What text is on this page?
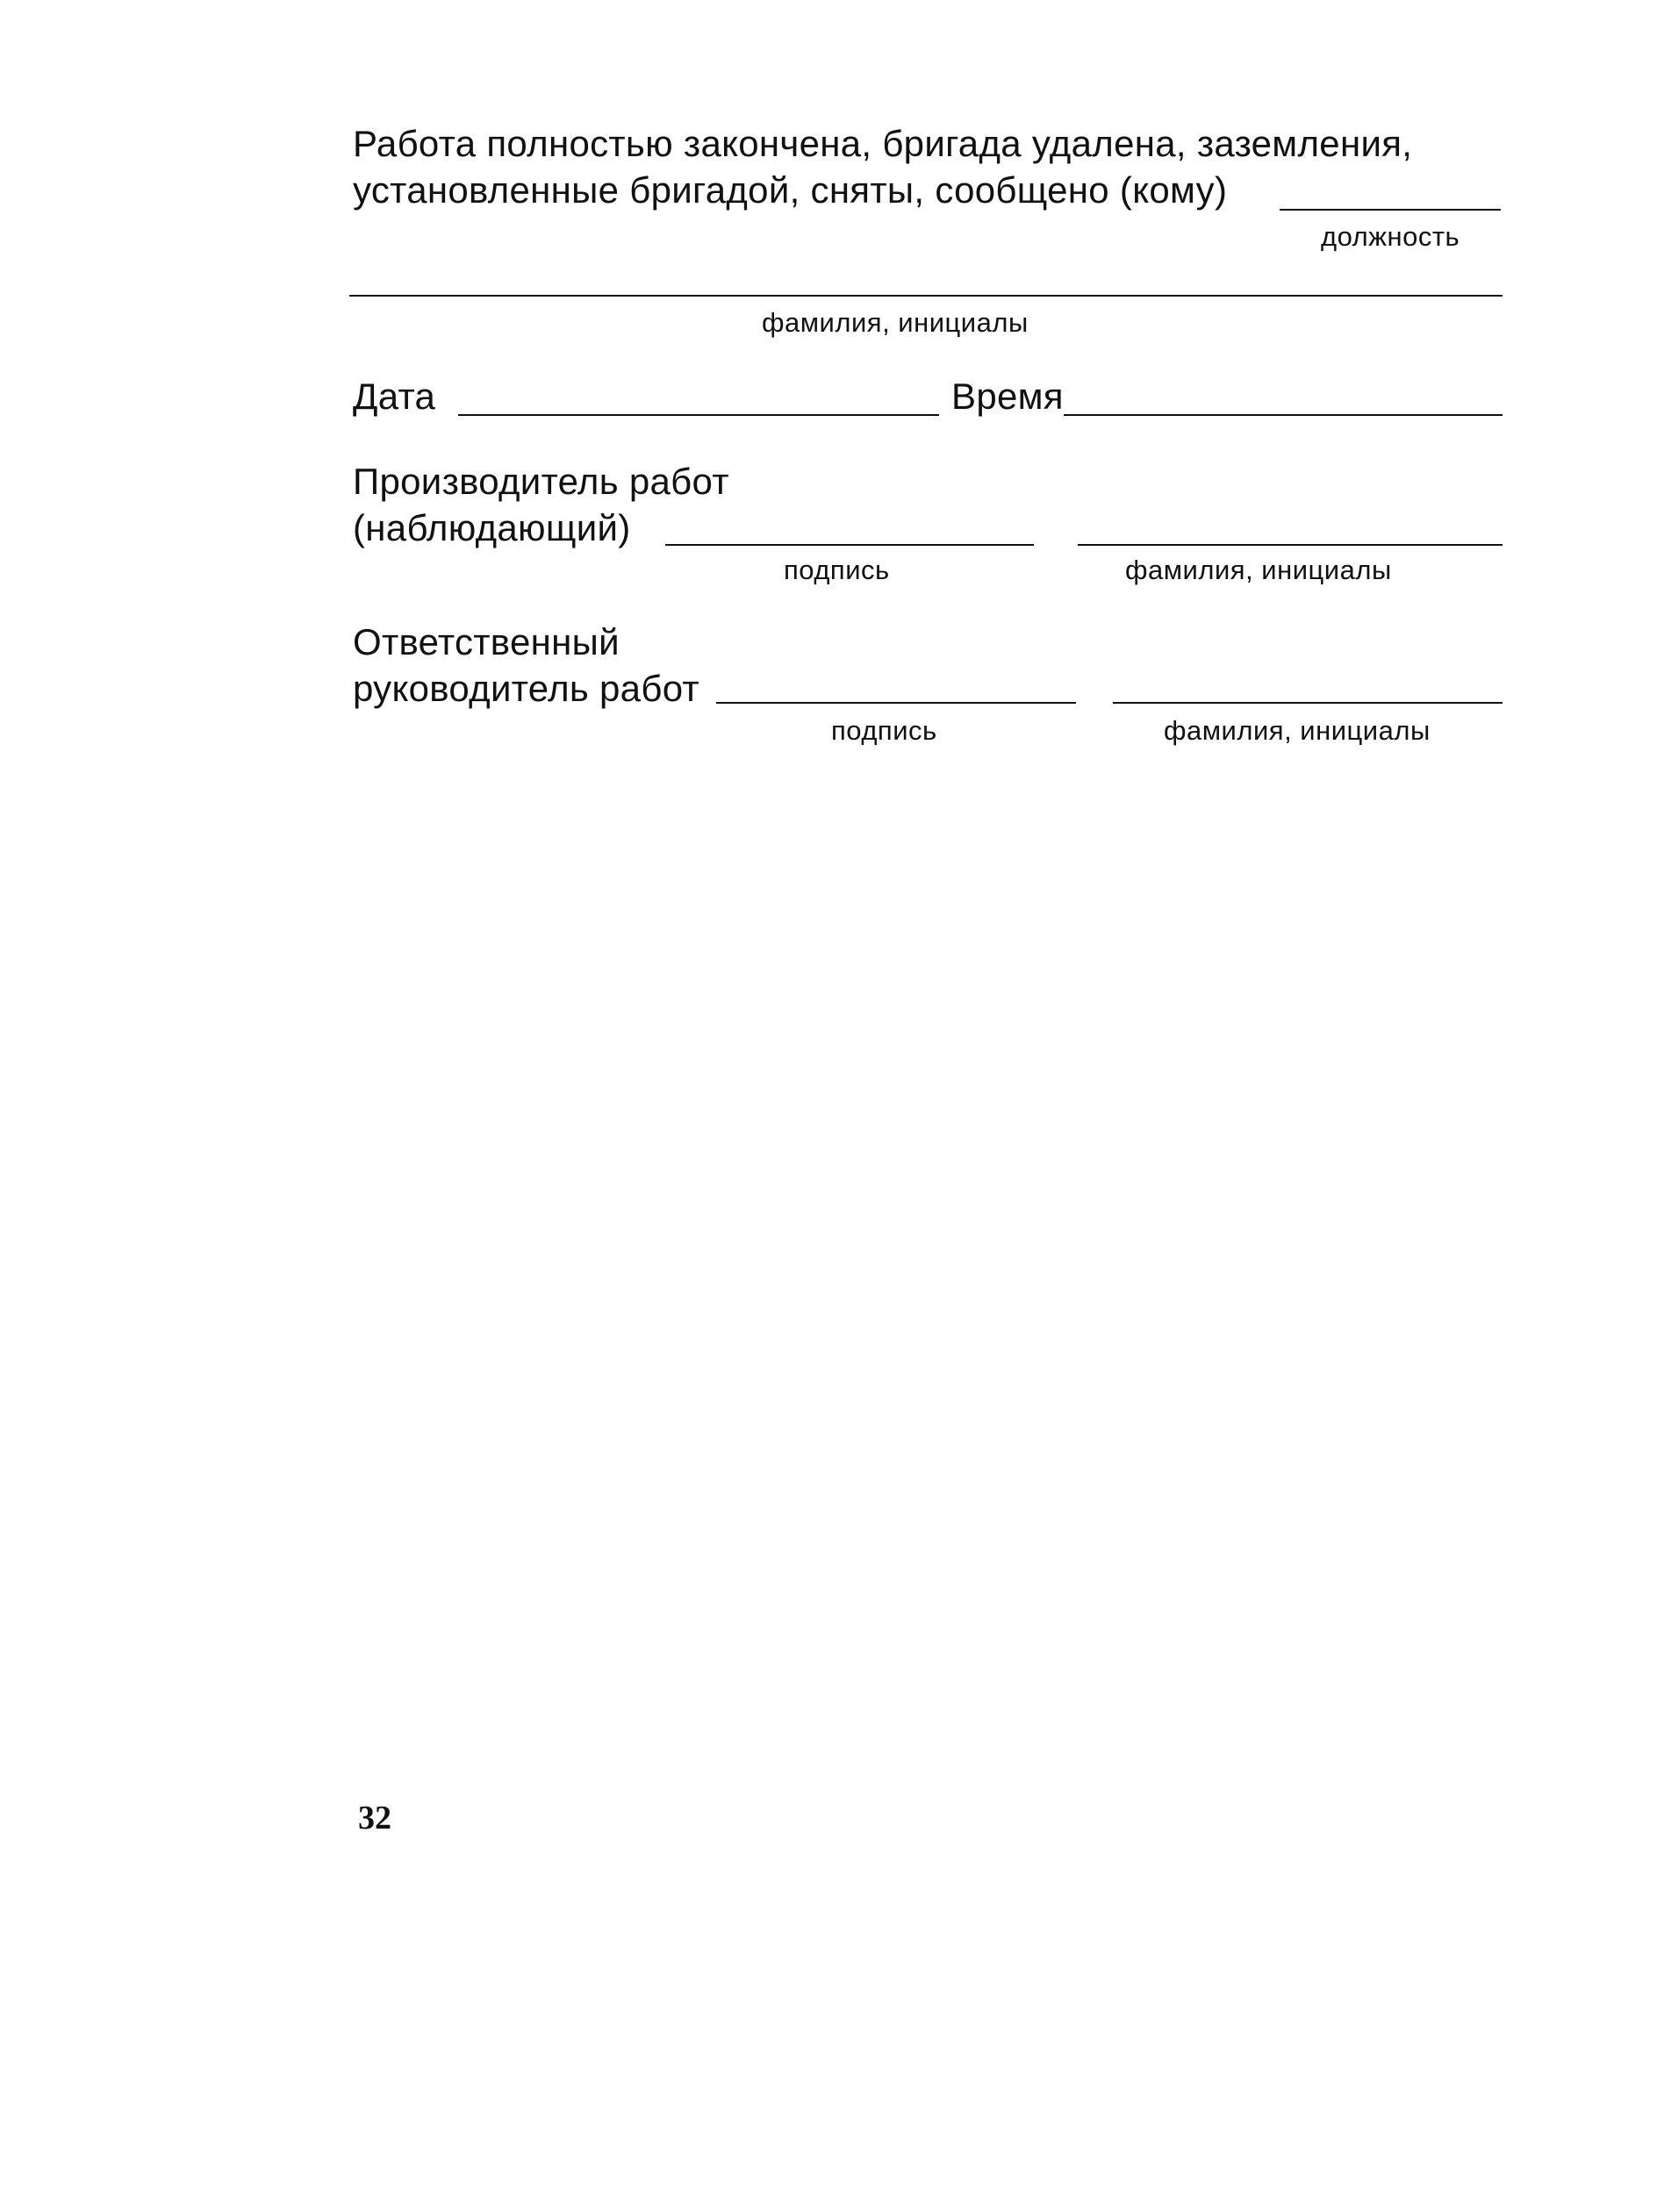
Работа полностью закончена, бригада удалена, заземления,
установленные бригадой, сняты, сообщено (кому)
должность
фамилия, инициалы
Дата	Время
Производитель работ
(наблюдающий)
подпись	фамилия, инициалы
Ответственный
руководитель работ
подпись	фамилия, инициалы
32
